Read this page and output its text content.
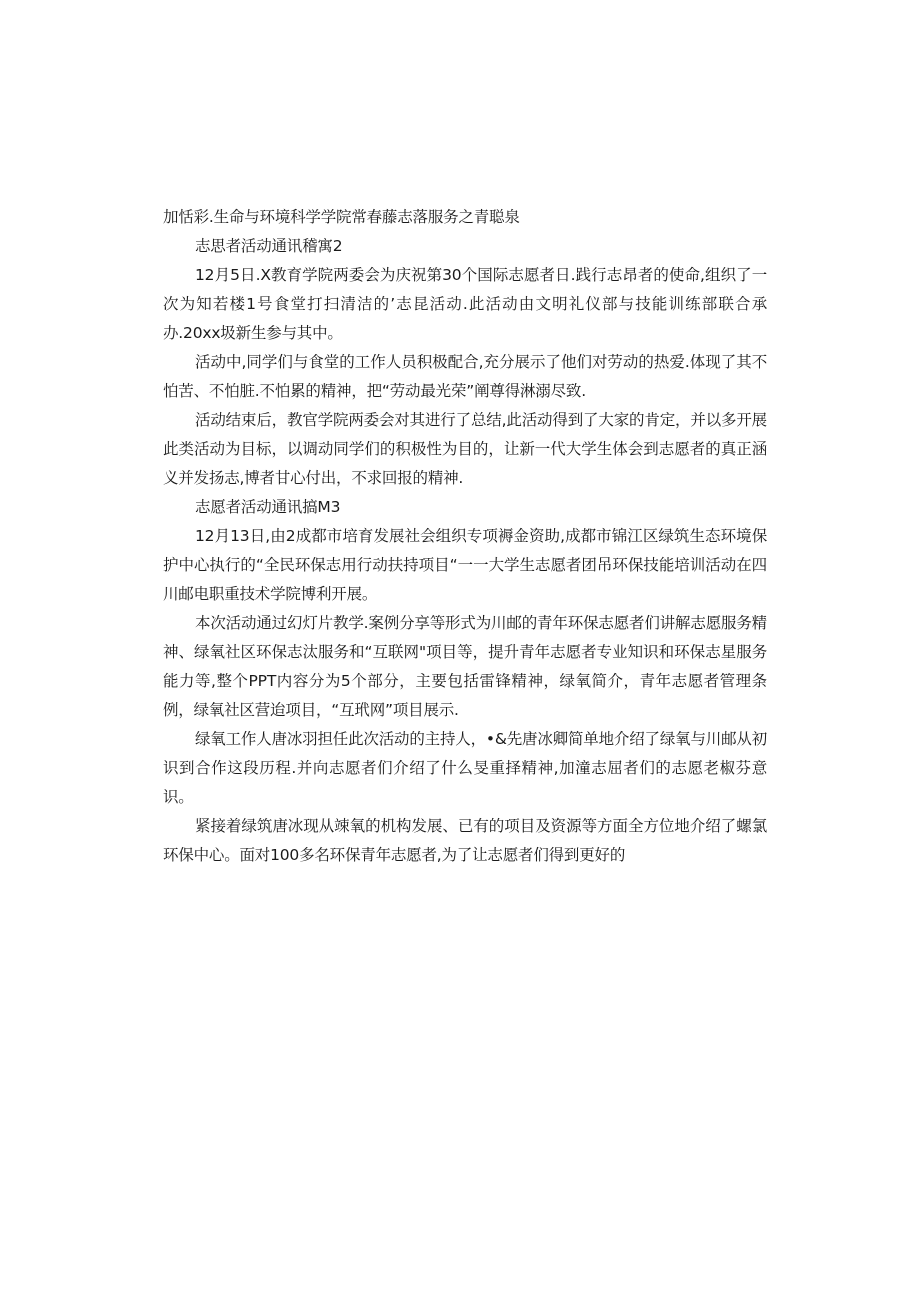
加恬彩.生命与环境科学学院常春藤志落服务之青聪泉

志思者活动通讯稽寓2

12月5日.X教育学院两委会为庆祝第30个国际志愿者日.践行志昂者的使命,组织了一次为知若楼1号食堂打扫清洁的’志昆活动.此活动由文明礼仪部与技能训练部联合承办.20xx圾新生参与其中。

活动中,同学们与食堂的工作人员积极配合,充分展示了他们对劳动的热爱.体现了其不怕苦、不怕脏.不怕累的精神，把“劳动最光荣”阐尊得淋溺尽致.

活动结束后，教官学院两委会对其进行了总结,此活动得到了大家的肯定，并以多开展此类活动为目标，以调动同学们的积极性为目的，让新一代大学生体会到志愿者的真正涵义并发扬志,博者甘心付出，不求回报的精神.

志愿者活动通讯搞M3

12月13日,由2成都市培育发展社会组织专项褥金资助,成都市锦江区绿筑生态环境保护中心执行的“全民环保志用行动扶持项目“一一大学生志愿者团吊环保技能培训活动在四川邮电职重技术学院博利开展。

本次活动通过幻灯片教学.案例分享等形式为川邮的青年环保志愿者们讲解志愿服务精神、绿氧社区环保志汰服务和“互联网"项目等，提升青年志愿者专业知识和环保志星服务能力等,整个PPT内容分为5个部分，主要包括雷锋精神，绿氧简介，青年志愿者管理条例，绿氧社区营迨项目，“互玳网”项目展示.

绿氧工作人唐冰羽担任此次活动的主持人，•&先唐冰卿简单地介绍了绿氧与川邮从初识到合作这段历程.并向志愿者们介绍了什么旻重择精神,加潼志屈者们的志愿老椒芬意识。

紧接着绿筑唐冰现从竦氧的机构发展、已有的项目及资源等方面全方位地介绍了螺氯环保中心。面对100多名环保青年志愿者,为了让志愿者们得到更好的
